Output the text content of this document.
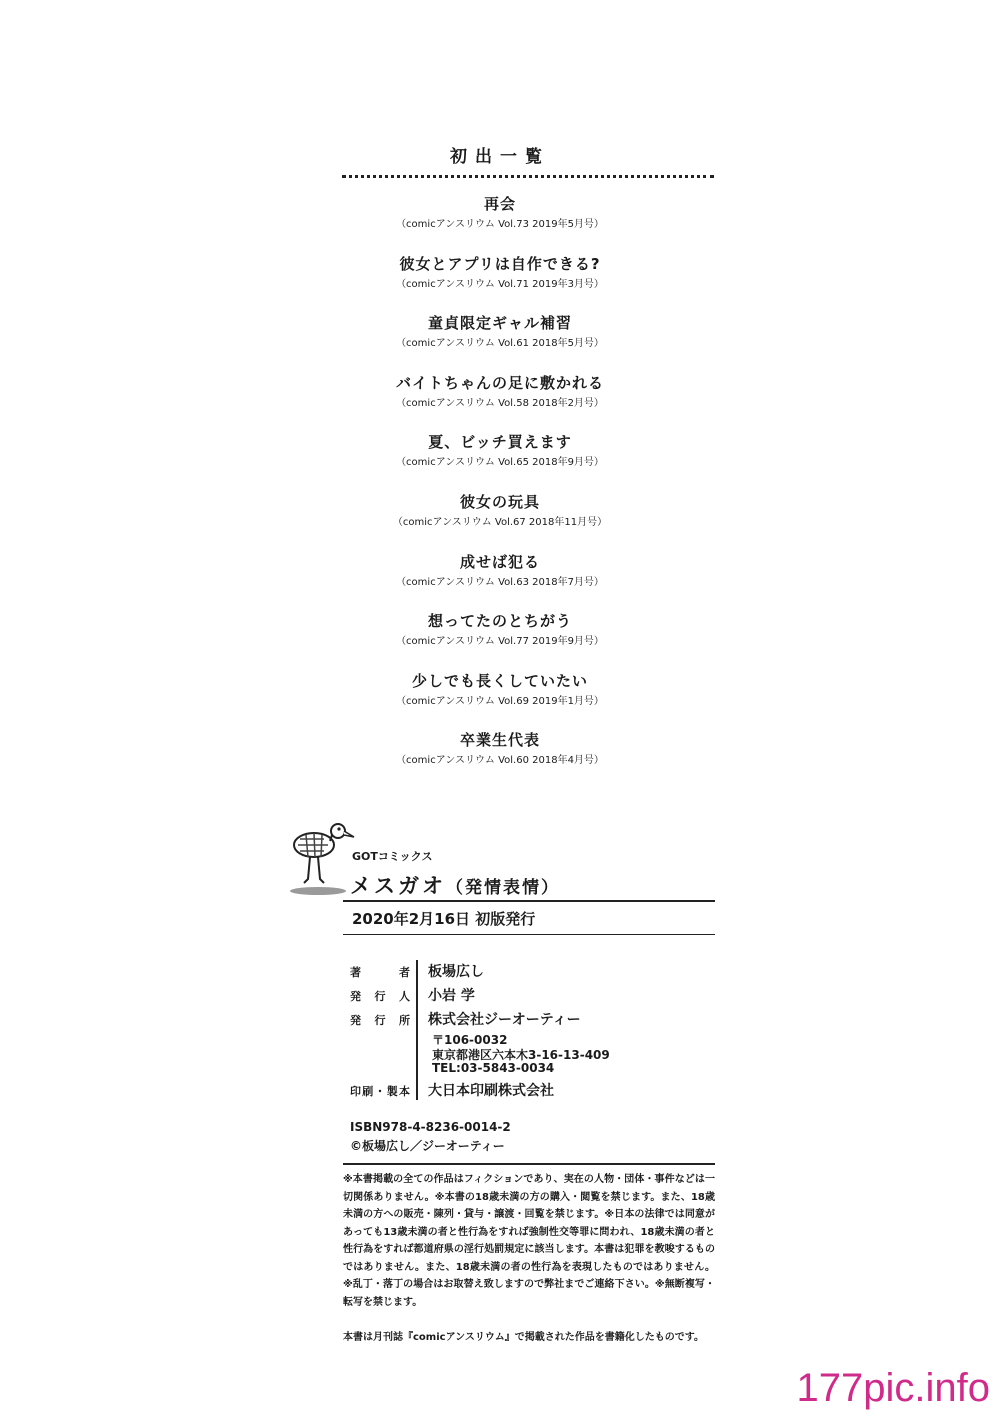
初出一覧
再会
（comicアンスリウム Vol.73 2019年5月号）
彼女とアプリは自作できる?
（comicアンスリウム Vol.71 2019年3月号）
童貞限定ギャル補習
（comicアンスリウム Vol.61 2018年5月号）
バイトちゃんの足に敷かれる
（comicアンスリウム Vol.58 2018年2月号）
夏、ビッチ買えます
（comicアンスリウム Vol.65 2018年9月号）
彼女の玩具
（comicアンスリウム Vol.67 2018年11月号）
成せば犯る
（comicアンスリウム Vol.63 2018年7月号）
想ってたのとちがう
（comicアンスリウム Vol.77 2019年9月号）
少しでも長くしていたい
（comicアンスリウム Vol.69 2019年1月号）
卒業生代表
（comicアンスリウム Vol.60 2018年4月号）
GOTコミックス
メスガオ（発情表情）
2020年2月16日 初版発行
著　　者 板場広し
発 行 人 小岩 学
発 行 所 株式会社ジーオーティー
〒106-0032
東京都港区六本木3-16-13-409
TEL:03-5843-0034
印刷・製本 大日本印刷株式会社
ISBN978-4-8236-0014-2
©板場広し／ジーオーティー
※本書掲載の全ての作品はフィクションであり、実在の人物・団体・事件などは一切関係ありません。※本書の18歳未満の方の購入・閲覧を禁じます。また、18歳未満の方への販売・陳列・貸与・譲渡・回覧を禁じます。※日本の法律では同意があっても13歳未満の者と性行為をすれば強制性交等罪に問われ、18歳未満の者と性行為をすれば都道府県の淫行処罰規定に該当します。本書は犯罪を教唆するものではありません。また、18歳未満の者の性行為を表現したものではありません。※乱丁・落丁の場合はお取替え致しますので弊社までご連絡下さい。※無断複写・転写を禁じます。
本書は月刊誌『comicアンスリウム』で掲載された作品を書籍化したものです。
177pic.info
